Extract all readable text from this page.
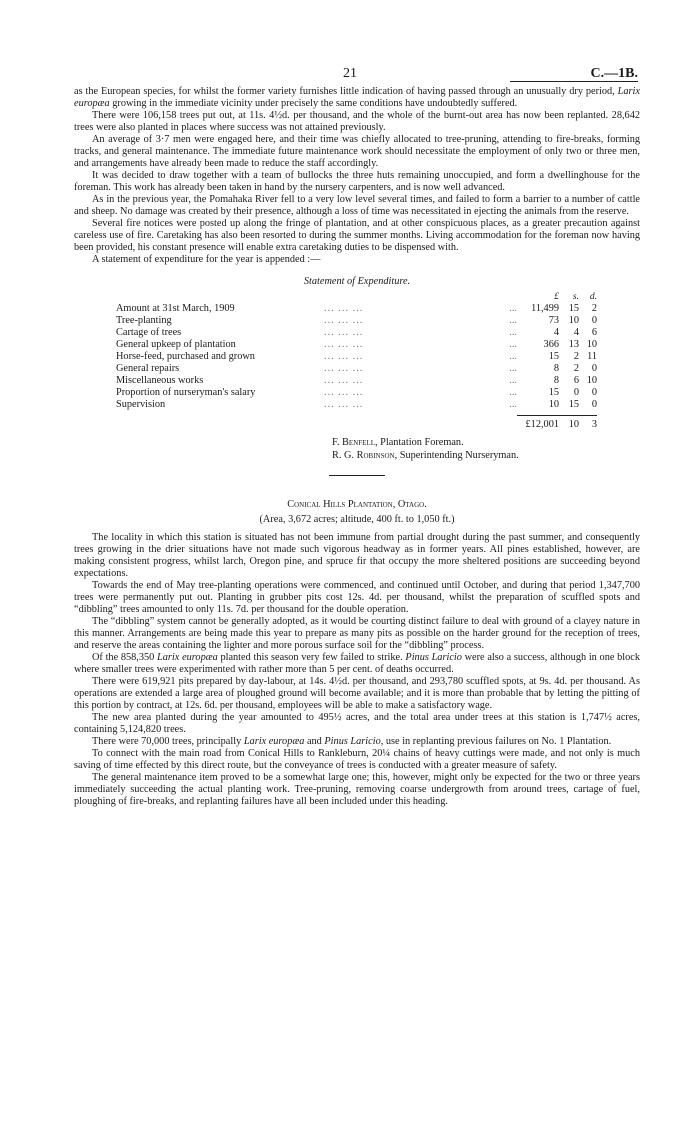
21	C.—1B.

as the European species, for whilst the former variety furnishes little indication of having passed through an unusually dry period, Larix europæa growing in the immediate vicinity under precisely the same conditions have undoubtedly suffered.

There were 106,158 trees put out, at 11s. 4½d. per thousand, and the whole of the burnt-out area has now been replanted. 28,642 trees were also planted in places where success was not attained previously.

An average of 3·7 men were engaged here, and their time was chiefly allocated to tree-pruning, attending to fire-breaks, forming tracks, and general maintenance. The immediate future maintenance work should necessitate the employment of only two or three men, and arrangements have already been made to reduce the staff accordingly.

It was decided to draw together with a team of bullocks the three huts remaining unoccupied, and form a dwellinghouse for the foreman. This work has already been taken in hand by the nursery carpenters, and is now well advanced.

As in the previous year, the Pomahaka River fell to a very low level several times, and failed to form a barrier to a number of cattle and sheep. No damage was created by their presence, although a loss of time was necessitated in ejecting the animals from the reserve.

Several fire notices were posted up along the fringe of plantation, and at other conspicuous places, as a greater precaution against careless use of fire. Caretaking has also been resorted to during the summer months. Living accommodation for the foreman now having been provided, his constant presence will enable extra caretaking duties to be dispensed with.

A statement of expenditure for the year is appended :—

Statement of Expenditure.
			£	s.	d.
Amount at 31st March, 1909	... ... ...	...	11,499	15	2
Tree-planting	... ... ...	...	73	10	0
Cartage of trees	... ... ...	...	4	4	6
General upkeep of plantation	... ... ...	...	366	13	10
Horse-feed, purchased and grown	... ... ...	...	15	2	11
General repairs	... ... ...	...	8	2	0
Miscellaneous works	... ... ...	...	8	6	10
Proportion of nurseryman's salary	... ... ...	...	15	0	0
Supervision	... ... ...	...	10	15	0

			£12,001	10	3
F. Benfell, Plantation Foreman.
R. G. Robinson, Superintending Nurseryman.
Conical Hills Plantation, Otago.
(Area, 3,672 acres; altitude, 400 ft. to 1,050 ft.)

The locality in which this station is situated has not been immune from partial drought during the past summer, and consequently trees growing in the drier situations have not made such vigorous headway as in former years. All pines established, however, are making consistent progress, whilst larch, Oregon pine, and spruce fir that occupy the more sheltered positions are succeeding beyond expectations.

Towards the end of May tree-planting operations were commenced, and continued until October, and during that period 1,347,700 trees were permanently put out. Planting in grubber pits cost 12s. 4d. per thousand, whilst the preparation of scuffled spots and “dibbling” trees amounted to only 11s. 7d. per thousand for the double operation.

The “dibbling” system cannot be generally adopted, as it would be courting distinct failure to deal with ground of a clayey nature in this manner. Arrangements are being made this year to prepare as many pits as possible on the harder ground for the reception of trees, and reserve the areas containing the lighter and more porous surface soil for the “dibbling” process.

Of the 858,350 Larix europæa planted this season very few failed to strike. Pinus Laricio were also a success, although in one block where smaller trees were experimented with rather more than 5 per cent. of deaths occurred.

There were 619,921 pits prepared by day-labour, at 14s. 4½d. per thousand, and 293,780 scuffled spots, at 9s. 4d. per thousand. As operations are extended a large area of ploughed ground will become available; and it is more than probable that by letting the pitting of this portion by contract, at 12s. 6d. per thousand, employees will be able to make a satisfactory wage.

The new area planted during the year amounted to 495½ acres, and the total area under trees at this station is 1,747½ acres, containing 5,124,820 trees.

There were 70,000 trees, principally Larix europæa and Pinus Laricio, use in replanting previous failures on No. 1 Plantation.

To connect with the main road from Conical Hills to Rankleburn, 20¼ chains of heavy cuttings were made, and not only is much saving of time effected by this direct route, but the conveyance of trees is conducted with a greater measure of safety.

The general maintenance item proved to be a somewhat large one; this, however, might only be expected for the two or three years immediately succeeding the actual planting work. Tree-pruning, removing coarse undergrowth from around trees, cartage of fuel, ploughing of fire-breaks, and replanting failures have all been included under this heading.
